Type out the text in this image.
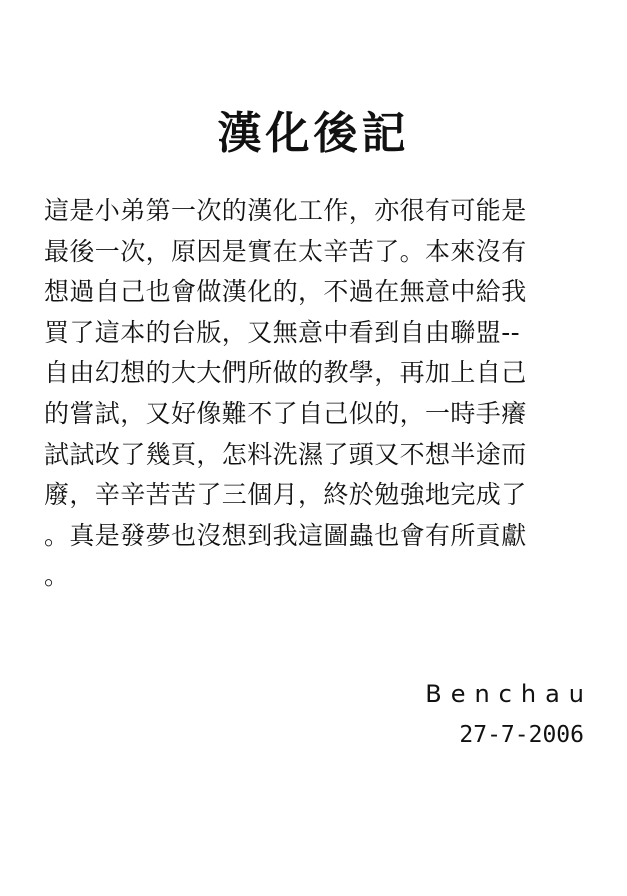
漢化後記
這是小弟第一次的漢化工作，亦很有可能是
最後一次，原因是實在太辛苦了。本來沒有
想過自己也會做漢化的，不過在無意中給我
買了這本的台版，又無意中看到自由聯盟--
自由幻想的大大們所做的教學，再加上自己
的嘗試，又好像難不了自己似的，一時手癢
試試改了幾頁，怎料洗濕了頭又不想半途而
廢，辛辛苦苦了三個月，終於勉強地完成了
。真是發夢也沒想到我這圖蟲也會有所貢獻
。
Benchau
27-7-2006
